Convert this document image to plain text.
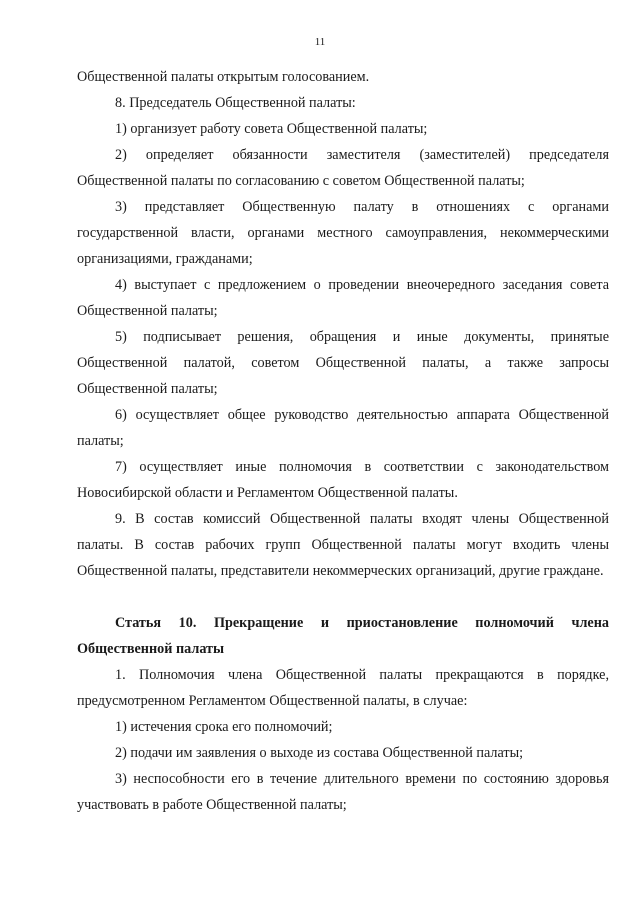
11

Общественной палаты открытым голосованием.

8. Председатель Общественной палаты:

1) организует работу совета Общественной палаты;

2) определяет обязанности заместителя (заместителей) председателя Общественной палаты по согласованию с советом Общественной палаты;

3) представляет Общественную палату в отношениях с органами государственной власти, органами местного самоуправления, некоммерческими организациями, гражданами;

4) выступает с предложением о проведении внеочередного заседания совета Общественной палаты;

5) подписывает решения, обращения и иные документы, принятые Общественной палатой, советом Общественной палаты, а также запросы Общественной палаты;

6) осуществляет общее руководство деятельностью аппарата Общественной палаты;

7) осуществляет иные полномочия в соответствии с законодательством Новосибирской области и Регламентом Общественной палаты.

9. В состав комиссий Общественной палаты входят члены Общественной палаты. В состав рабочих групп Общественной палаты могут входить члены Общественной палаты, представители некоммерческих организаций, другие граждане.

Статья 10. Прекращение и приостановление полномочий члена Общественной палаты

1. Полномочия члена Общественной палаты прекращаются в порядке, предусмотренном Регламентом Общественной палаты, в случае:

1) истечения срока его полномочий;

2) подачи им заявления о выходе из состава Общественной палаты;

3) неспособности его в течение длительного времени по состоянию здоровья участвовать в работе Общественной палаты;
